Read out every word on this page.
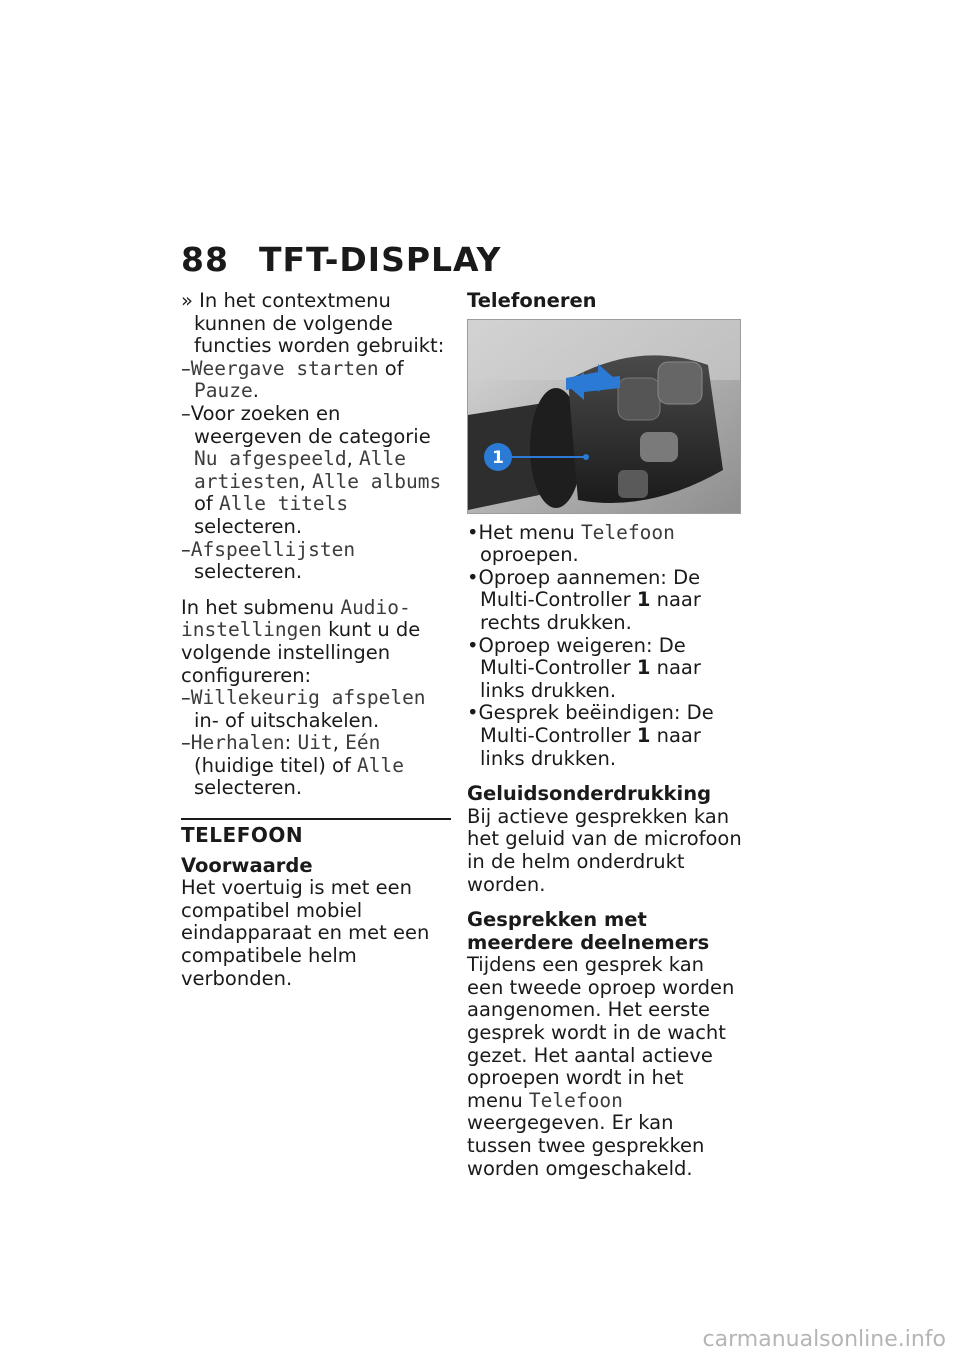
88 TFT-DISPLAY

» In het contextmenu kunnen de volgende functies worden gebruikt:

–Weergave starten of Pauze.

–Voor zoeken en weergeven de categorie Nu afgespeeld, Alle artiesten, Alle albums of Alle titels selecteren.

–Afspeellijsten selecteren.

In het submenu Audio-instellingen kunt u de volgende instellingen configureren:

–Willekeurig afspelen in- of uitschakelen.

–Herhalen: Uit, Eén (huidige titel) of Alle selecteren.

TELEFOON

Voorwaarde

Het voertuig is met een compatibel mobiel eindapparaat en met een compatibele helm verbonden.

Telefoneren

1

•Het menu Telefoon oproepen.

•Oproep aannemen: De Multi-Controller 1 naar rechts drukken.

•Oproep weigeren: De Multi-Controller 1 naar links drukken.

•Gesprek beëindigen: De Multi-Controller 1 naar links drukken.

Geluidsonderdrukking

Bij actieve gesprekken kan het geluid van de microfoon in de helm onderdrukt worden.

Gesprekken met meerdere deelnemers

Tijdens een gesprek kan een tweede oproep worden aangenomen. Het eerste gesprek wordt in de wacht gezet. Het aantal actieve oproepen wordt in het menu Telefoon weergegeven. Er kan tussen twee gesprekken worden omgeschakeld.

carmanualsonline.info
